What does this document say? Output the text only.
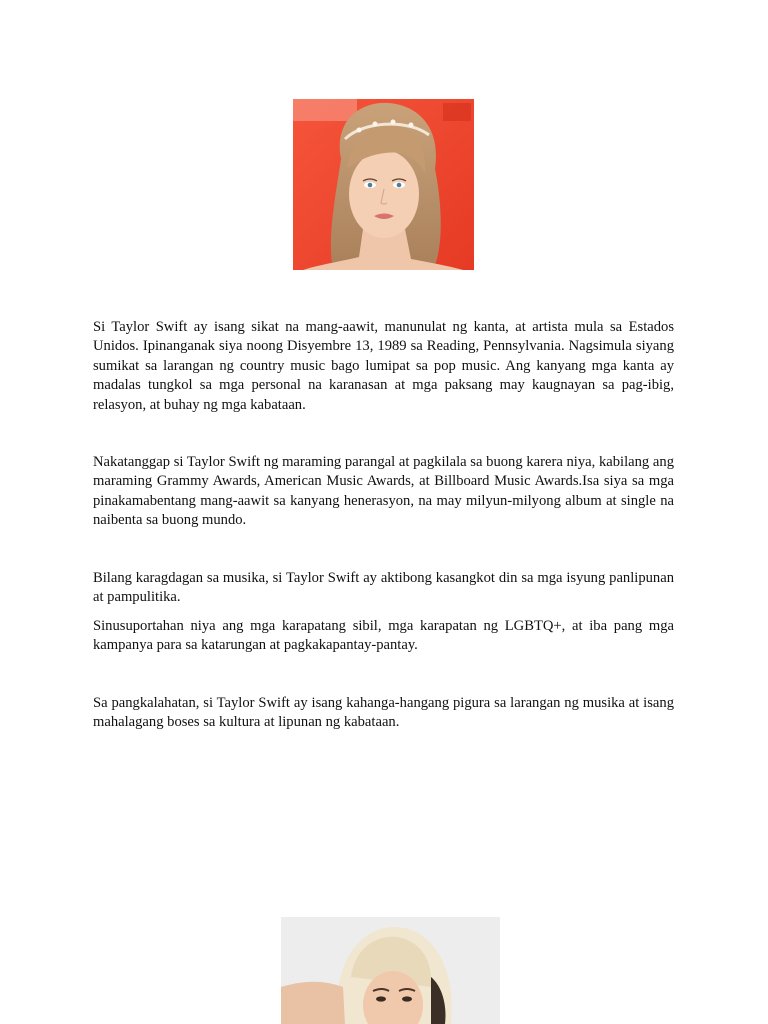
Si Taylor Swift ay isang sikat na mang-aawit, manunulat ng kanta, at artista mula sa Estados Unidos. Ipinanganak siya noong Disyembre 13, 1989 sa Reading, Pennsylvania. Nagsimula siyang sumikat sa larangan ng country music bago lumipat sa pop music. Ang kanyang mga kanta ay madalas tungkol sa mga personal na karanasan at mga paksang may kaugnayan sa pag-ibig, relasyon, at buhay ng mga kabataan.

Nakatanggap si Taylor Swift ng maraming parangal at pagkilala sa buong karera niya, kabilang ang maraming Grammy Awards, American Music Awards, at Billboard Music Awards.Isa siya sa mga pinakamabentang mang-aawit sa kanyang henerasyon, na may milyun-milyong album at single na naibenta sa buong mundo.

Bilang karagdagan sa musika, si Taylor Swift ay aktibong kasangkot din sa mga isyung panlipunan at pampulitika.

Sinusuportahan niya ang mga karapatang sibil, mga karapatan ng LGBTQ+, at iba pang mga kampanya para sa katarungan at pagkakapantay-pantay.

Sa pangkalahatan, si Taylor Swift ay isang kahanga-hangang pigura sa larangan ng musika at isang mahalagang boses sa kultura at lipunan ng kabataan.
